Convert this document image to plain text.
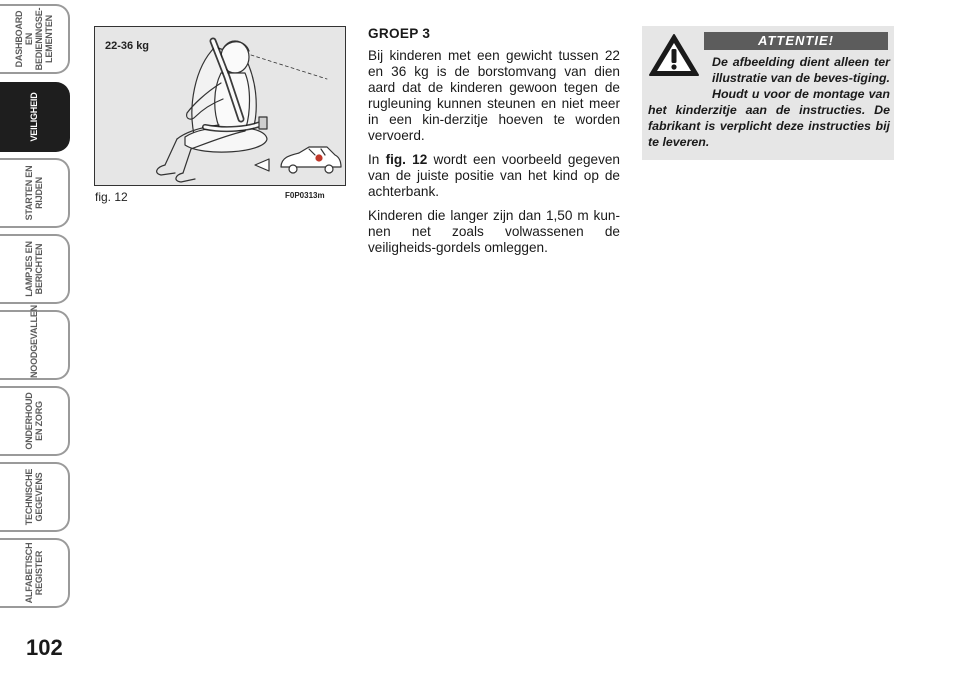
DASHBOARD EN
BEDIENINGSE-
LEMENTEN
VEILIGHEID
STARTEN EN
RIJDEN
LAMPJES EN
BERICHTEN
NOODGEVALLEN
ONDERHOUD
EN ZORG
TECHNISCHE
GEGEVENS
ALFABETISCH
REGISTER
102
22-36 kg
F0P0313m
fig. 12
GROEP 3

Bij kinderen met een gewicht tussen 22 en 36 kg is de borstomvang van dien aard dat de kinderen gewoon tegen de rugleuning kunnen steunen en niet meer in een kin-derzitje hoeven te worden vervoerd.

In fig. 12 wordt een voorbeeld gegeven van de juiste positie van het kind op de achterbank.

Kinderen die langer zijn dan 1,50 m kun-nen net zoals volwassenen de veiligheids-gordels omleggen.

ATTENTIE!
De afbeelding dient alleen ter illustratie van de beves-tiging. Houdt u voor de montage van het kinderzitje aan de instructies. De fabrikant is verplicht deze instructies bij te leveren.
